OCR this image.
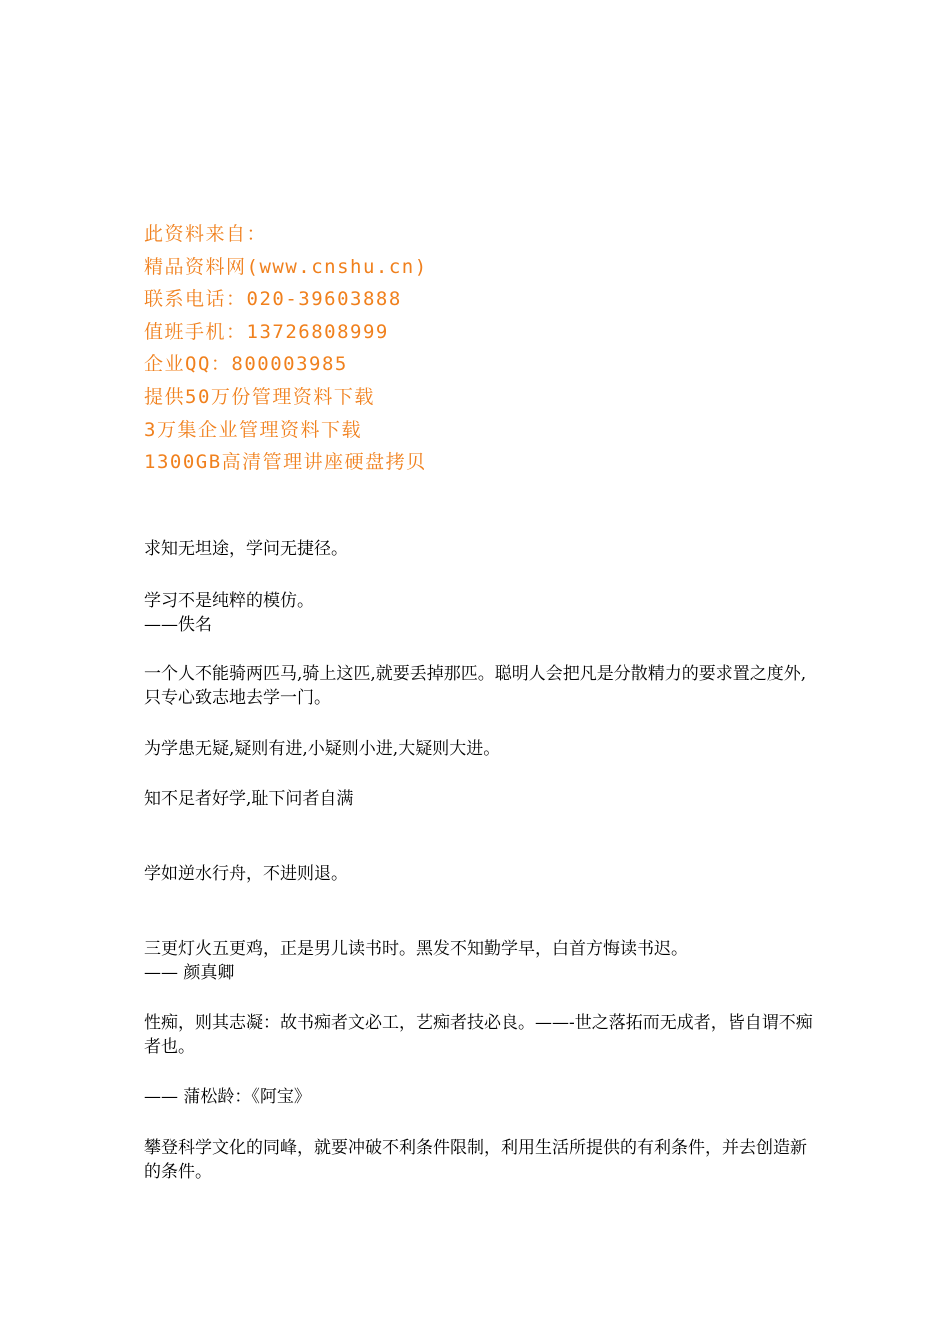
此资料来自：
精品资料网(www.cnshu.cn)
联系电话：020-39603888
值班手机：13726808999
企业QQ：800003985
提供50万份管理资料下载
3万集企业管理资料下载
1300GB高清管理讲座硬盘拷贝
求知无坦途，学问无捷径。
学习不是纯粹的模仿。
——佚名
一个人不能骑两匹马,骑上这匹,就要丢掉那匹。聪明人会把凡是分散精力的要求置之度外,只专心致志地去学一门。
为学患无疑,疑则有进,小疑则小进,大疑则大进。
知不足者好学,耻下问者自满
学如逆水行舟，不进则退。
三更灯火五更鸡，正是男儿读书时。黑发不知勤学早，白首方悔读书迟。
—— 颜真卿
性痴，则其志凝：故书痴者文必工，艺痴者技必良。——-世之落拓而无成者，皆自谓不痴者也。
—— 蒲松龄：《阿宝》
攀登科学文化的同峰，就要冲破不利条件限制，利用生活所提供的有利条件，并去创造新的条件。
